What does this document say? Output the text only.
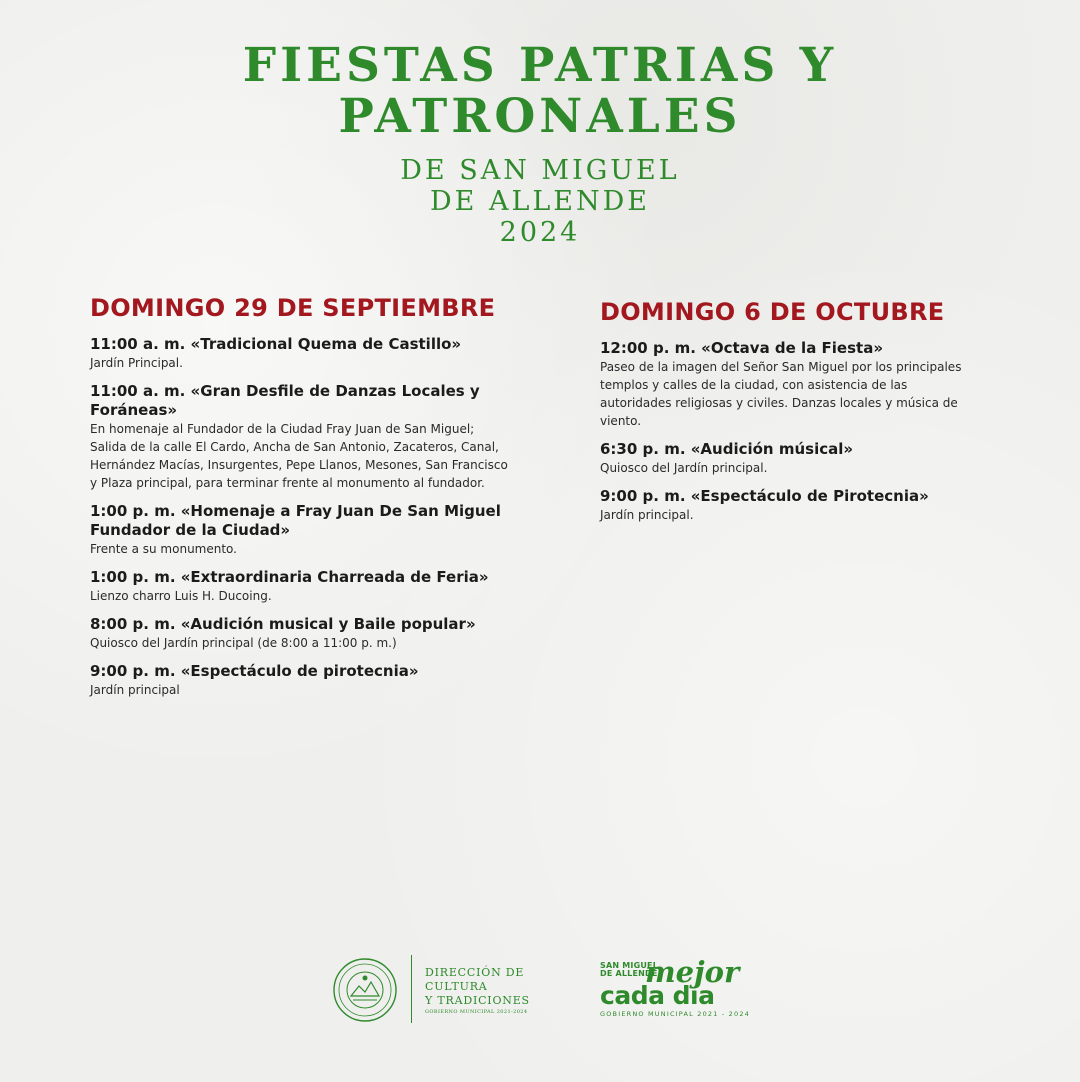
FIESTAS PATRIAS Y
PATRONALES
DE SAN MIGUEL
DE ALLENDE
2024
DOMINGO 29 DE SEPTIEMBRE
11:00 a. m. «Tradicional Quema de Castillo»
Jardín Principal.
11:00 a. m. «Gran Desfile de Danzas Locales y Foráneas»
En homenaje al Fundador de la Ciudad Fray Juan de San Miguel; Salida de la calle El Cardo, Ancha de San Antonio, Zacateros, Canal, Hernández Macías, Insurgentes, Pepe Llanos, Mesones, San Francisco y Plaza principal, para terminar frente al monumento al fundador.
1:00 p. m. «Homenaje a Fray Juan De San Miguel Fundador de la Ciudad»
Frente a su monumento.
1:00 p. m. «Extraordinaria Charreada de Feria»
Lienzo charro Luis H. Ducoing.
8:00 p. m. «Audición musical y Baile popular»
Quiosco del Jardín principal (de 8:00 a 11:00 p. m.)
9:00 p. m. «Espectáculo de pirotecnia»
Jardín principal
DOMINGO 6 DE OCTUBRE
12:00 p. m. «Octava de la Fiesta»
Paseo de la imagen del Señor San Miguel por los principales templos y calles de la ciudad, con asistencia de las autoridades religiosas y civiles. Danzas locales y música de viento.
6:30 p. m. «Audición músical»
Quiosco del Jardín principal.
9:00 p. m. «Espectáculo de Pirotecnia»
Jardín principal.
DIRECCIÓN DE
CULTURA
Y TRADICIONES
GOBIERNO MUNICIPAL 2021-2024
SAN MIGUEL
DE ALLENDE
mejor
cada día
GOBIERNO MUNICIPAL 2021 - 2024
